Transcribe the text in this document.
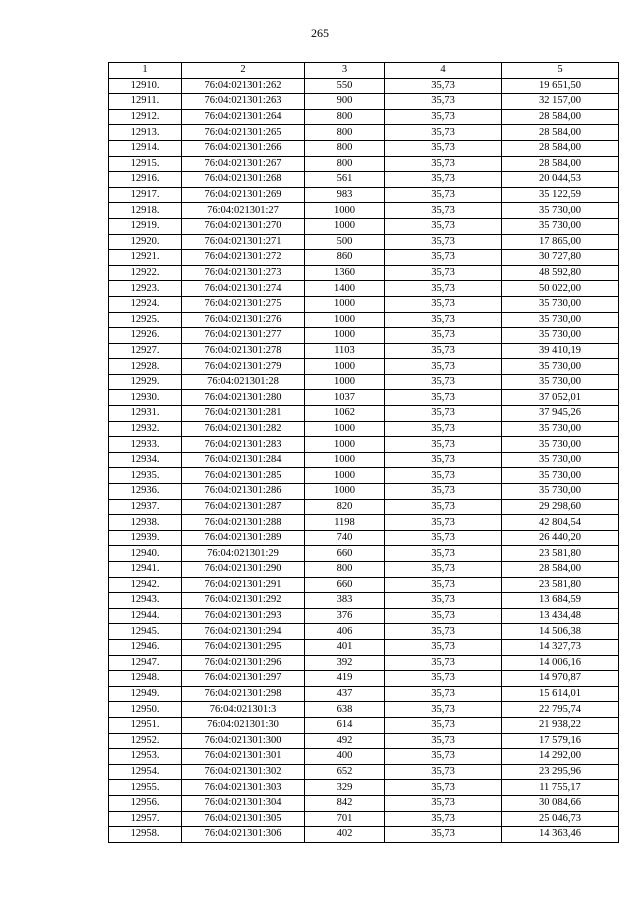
265
1	2	3	4	5
12910.	76:04:021301:262	550	35,73	19 651,50
12911.	76:04:021301:263	900	35,73	32 157,00
12912.	76:04:021301:264	800	35,73	28 584,00
12913.	76:04:021301:265	800	35,73	28 584,00
12914.	76:04:021301:266	800	35,73	28 584,00
12915.	76:04:021301:267	800	35,73	28 584,00
12916.	76:04:021301:268	561	35,73	20 044,53
12917.	76:04:021301:269	983	35,73	35 122,59
12918.	76:04:021301:27	1000	35,73	35 730,00
12919.	76:04:021301:270	1000	35,73	35 730,00
12920.	76:04:021301:271	500	35,73	17 865,00
12921.	76:04:021301:272	860	35,73	30 727,80
12922.	76:04:021301:273	1360	35,73	48 592,80
12923.	76:04:021301:274	1400	35,73	50 022,00
12924.	76:04:021301:275	1000	35,73	35 730,00
12925.	76:04:021301:276	1000	35,73	35 730,00
12926.	76:04:021301:277	1000	35,73	35 730,00
12927.	76:04:021301:278	1103	35,73	39 410,19
12928.	76:04:021301:279	1000	35,73	35 730,00
12929.	76:04:021301:28	1000	35,73	35 730,00
12930.	76:04:021301:280	1037	35,73	37 052,01
12931.	76:04:021301:281	1062	35,73	37 945,26
12932.	76:04:021301:282	1000	35,73	35 730,00
12933.	76:04:021301:283	1000	35,73	35 730,00
12934.	76:04:021301:284	1000	35,73	35 730,00
12935.	76:04:021301:285	1000	35,73	35 730,00
12936.	76:04:021301:286	1000	35,73	35 730,00
12937.	76:04:021301:287	820	35,73	29 298,60
12938.	76:04:021301:288	1198	35,73	42 804,54
12939.	76:04:021301:289	740	35,73	26 440,20
12940.	76:04:021301:29	660	35,73	23 581,80
12941.	76:04:021301:290	800	35,73	28 584,00
12942.	76:04:021301:291	660	35,73	23 581,80
12943.	76:04:021301:292	383	35,73	13 684,59
12944.	76:04:021301:293	376	35,73	13 434,48
12945.	76:04:021301:294	406	35,73	14 506,38
12946.	76:04:021301:295	401	35,73	14 327,73
12947.	76:04:021301:296	392	35,73	14 006,16
12948.	76:04:021301:297	419	35,73	14 970,87
12949.	76:04:021301:298	437	35,73	15 614,01
12950.	76:04:021301:3	638	35,73	22 795,74
12951.	76:04:021301:30	614	35,73	21 938,22
12952.	76:04:021301:300	492	35,73	17 579,16
12953.	76:04:021301:301	400	35,73	14 292,00
12954.	76:04:021301:302	652	35,73	23 295,96
12955.	76:04:021301:303	329	35,73	11 755,17
12956.	76:04:021301:304	842	35,73	30 084,66
12957.	76:04:021301:305	701	35,73	25 046,73
12958.	76:04:021301:306	402	35,73	14 363,46
